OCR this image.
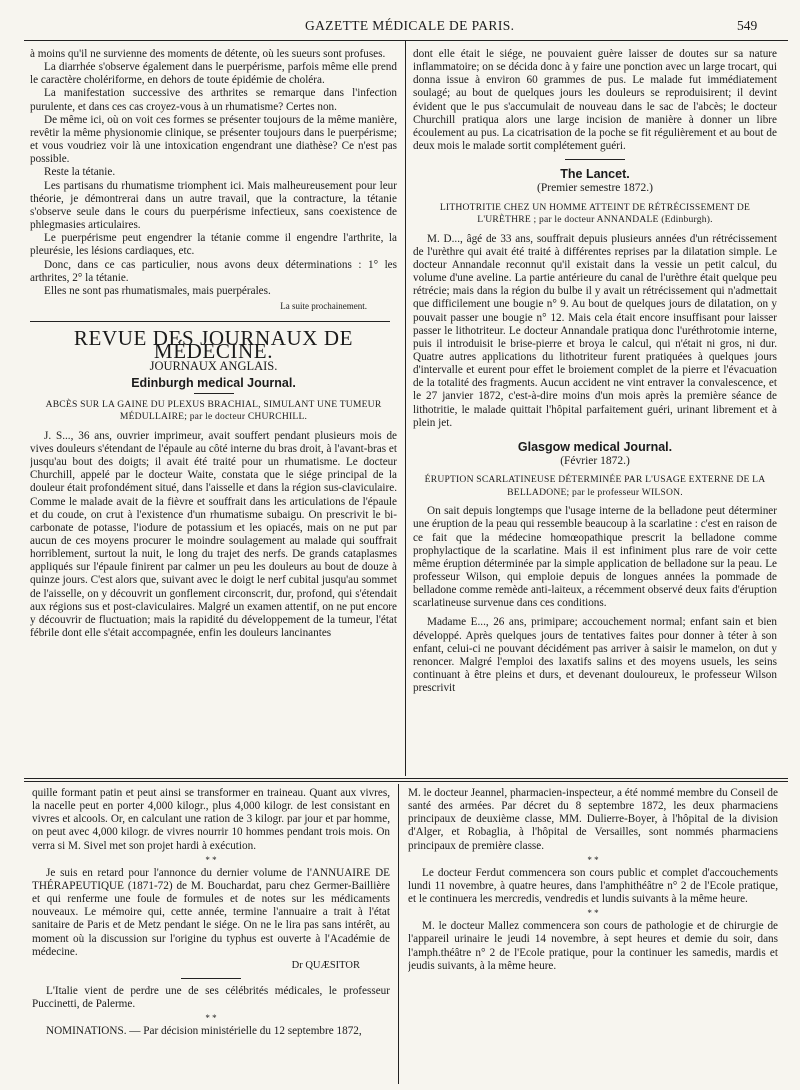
GAZETTE MÉDICALE DE PARIS.	549

à moins qu'il ne survienne des moments de détente, où les sueurs sont profuses.

La diarrhée s'observe également dans le puerpérisme, parfois même elle prend le caractère cholériforme, en dehors de toute épidémie de choléra.

La manifestation successive des arthrites se remarque dans l'infection purulente, et dans ces cas croyez-vous à un rhumatisme? Certes non.

De même ici, où on voit ces formes se présenter toujours de la même manière, revêtir la même physionomie clinique, se présenter toujours dans le puerpérisme; et vous voudriez voir là une intoxication engendrant une diathèse? Ce n'est pas possible.

Reste la tétanie.

Les partisans du rhumatisme triomphent ici. Mais malheureusement pour leur théorie, je démontrerai dans un autre travail, que la contracture, la tétanie s'observe seule dans le cours du puerpérisme infectieux, sans coexistence de phlegmasies articulaires.

Le puerpérisme peut engendrer la tétanie comme il engendre l'arthrite, la pleurésie, les lésions cardiaques, etc.

Donc, dans ce cas particulier, nous avons deux déterminations : 1° les arthrites, 2° la tétanie.

Elles ne sont pas rhumatismales, mais puerpérales.

La suite prochainement.

REVUE DES JOURNAUX DE MÉDECINE.
JOURNAUX ANGLAIS.
Edinburgh medical Journal.
ABCÈS SUR LA GAINE DU PLEXUS BRACHIAL, SIMULANT UNE TUMEUR MÉDULLAIRE; par le docteur CHURCHILL.

J. S..., 36 ans, ouvrier imprimeur, avait souffert pendant plusieurs mois de vives douleurs s'étendant de l'épaule au côté interne du bras droit, à l'avant-bras et jusqu'au bout des doigts; il avait été traité pour un rhumatisme. Le docteur Churchill, appelé par le docteur Waite, constata que le siége principal de la douleur était profondément situé, dans l'aisselle et dans la région sus-claviculaire. Comme le malade avait de la fièvre et souffrait dans les articulations de l'épaule et du coude, on crut à l'existence d'un rhumatisme subaigu. On prescrivit le bi-carbonate de potasse, l'iodure de potassium et les opiacés, mais on ne put par aucun de ces moyens procurer le moindre soulagement au malade qui souffrait horriblement, surtout la nuit, le long du trajet des nerfs. De grands cataplasmes appliqués sur l'épaule finirent par calmer un peu les douleurs au bout de douze à quinze jours. C'est alors que, suivant avec le doigt le nerf cubital jusqu'au sommet de l'aisselle, on y découvrit un gonflement circonscrit, dur, profond, qui s'étendait aux régions sus et post-claviculaires. Malgré un examen attentif, on ne put encore y découvrir de fluctuation; mais la rapidité du développement de la tumeur, l'état fébrile dont elle s'était accompagnée, enfin les douleurs lancinantes

dont elle était le siége, ne pouvaient guère laisser de doutes sur sa nature inflammatoire; on se décida donc à y faire une ponction avec un large trocart, qui donna issue à environ 60 grammes de pus. Le malade fut immédiatement soulagé; au bout de quelques jours les douleurs se reproduisirent; il devint évident que le pus s'accumulait de nouveau dans le sac de l'abcès; le docteur Churchill pratiqua alors une large incision de manière à donner un libre écoulement au pus. La cicatrisation de la poche se fit régulièrement et au bout de deux mois le malade sortit complétement guéri.

The Lancet.
(Premier semestre 1872.)
LITHOTRITIE CHEZ UN HOMME ATTEINT DE RÉTRÉCISSEMENT DE L'URÈTHRE ; par le docteur ANNANDALE (Edinburgh).

M. D..., âgé de 33 ans, souffrait depuis plusieurs années d'un rétrécissement de l'urèthre qui avait été traité à différentes reprises par la dilatation simple. Le docteur Annandale reconnut qu'il existait dans la vessie un petit calcul, du volume d'une aveline. La partie antérieure du canal de l'urèthre était quelque peu rétrécie; mais dans la région du bulbe il y avait un rétrécissement qui n'admettait que difficilement une bougie n° 9. Au bout de quelques jours de dilatation, on y pouvait passer une bougie n° 12. Mais cela était encore insuffisant pour laisser passer le lithotriteur. Le docteur Annandale pratiqua donc l'uréthrotomie interne, puis il introduisit le brise-pierre et broya le calcul, qui n'était ni gros, ni dur. Quatre autres applications du lithotriteur furent pratiquées à quelques jours d'intervalle et eurent pour effet le broiement complet de la pierre et l'évacuation de la totalité des fragments. Aucun accident ne vint entraver la convalescence, et le 27 janvier 1872, c'est-à-dire moins d'un mois après la première séance de lithotritie, le malade quittait l'hôpital parfaitement guéri, urinant librement et à plein jet.

Glasgow medical Journal.
(Février 1872.)
ÉRUPTION SCARLATINEUSE DÉTERMINÉE PAR L'USAGE EXTERNE DE LA BELLADONE; par le professeur WILSON.

On sait depuis longtemps que l'usage interne de la belladone peut déterminer une éruption de la peau qui ressemble beaucoup à la scarlatine : c'est en raison de ce fait que la médecine homœopathique prescrit la belladone comme prophylactique de la scarlatine. Mais il est infiniment plus rare de voir cette même éruption déterminée par la simple application de belladone sur la peau. Le professeur Wilson, qui emploie depuis de longues années la pommade de belladone comme remède anti-laiteux, a récemment observé deux faits d'éruption scarlatineuse survenue dans ces conditions.

Madame E..., 26 ans, primipare; accouchement normal; enfant sain et bien développé. Après quelques jours de tentatives faites pour donner à téter à son enfant, celui-ci ne pouvant décidément pas arriver à saisir le mamelon, on dut y renoncer. Malgré l'emploi des laxatifs salins et des moyens usuels, les seins continuant à être pleins et durs, et devenant douloureux, le professeur Wilson prescrivit

quille formant patin et peut ainsi se transformer en traineau. Quant aux vivres, la nacelle peut en porter 4,000 kilogr., plus 4,000 kilogr. de lest consistant en vivres et alcools. Or, en calculant une ration de 3 kilogr. par jour et par homme, on peut avec 4,000 kilogr. de vivres nourrir 10 hommes pendant trois mois. On verra si M. Sivel met son projet hardi à exécution.

* *

Je suis en retard pour l'annonce du dernier volume de l'ANNUAIRE DE THÉRAPEUTIQUE (1871-72) de M. Bouchardat, paru chez Germer-Baillière et qui renferme une foule de formules et de notes sur les médicaments nouveaux. Le mémoire qui, cette année, termine l'annuaire a trait à l'état sanitaire de Paris et de Metz pendant le siége. On ne le lira pas sans intérêt, au moment où la discussion sur l'origine du typhus est ouverte à l'Académie de médecine.

Dr QUÆSITOR

L'Italie vient de perdre une de ses célébrités médicales, le professeur Puccinetti, de Palerme.

* *

NOMINATIONS. — Par décision ministérielle du 12 septembre 1872,

M. le docteur Jeannel, pharmacien-inspecteur, a été nommé membre du Conseil de santé des armées. Par décret du 8 septembre 1872, les deux pharmaciens principaux de deuxième classe, MM. Dulierre-Boyer, à l'hôpital de la division d'Alger, et Robaglia, à l'hôpital de Versailles, sont nommés pharmaciens principaux de première classe.

* *

Le docteur Ferdut commencera son cours public et complet d'accouchements lundi 11 novembre, à quatre heures, dans l'amphithéâtre n° 2 de l'Ecole pratique, et le continuera les mercredis, vendredis et lundis suivants à la même heure.

* *

M. le docteur Mallez commencera son cours de pathologie et de chirurgie de l'appareil urinaire le jeudi 14 novembre, à sept heures et demie du soir, dans l'amph.théâtre n° 2 de l'Ecole pratique, pour la continuer les samedis, mardis et jeudis suivants, à la même heure.
